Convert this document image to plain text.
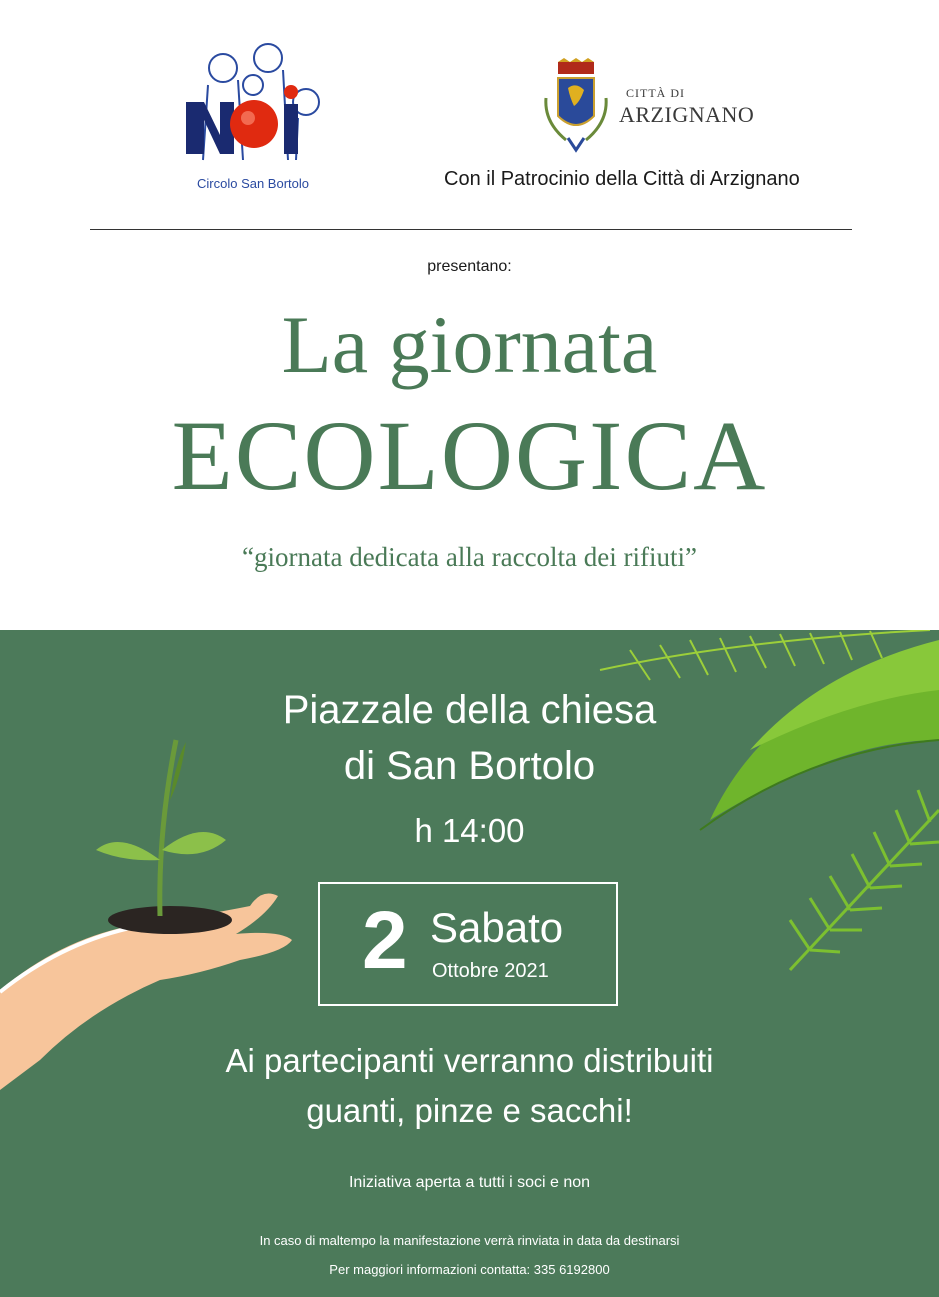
Circolo San Bortolo
CITTÀ DI
ARZIGNANO
Con il Patrocinio della Città di Arzignano
presentano:
La giornata
ECOLOGICA
“giornata dedicata alla raccolta dei rifiuti”
Piazzale della chiesa
di San Bortolo
h 14:00
2 Sabato
Ottobre 2021
Ai partecipanti verranno distribuiti
guanti, pinze e sacchi!
Iniziativa aperta a tutti i soci e non
In caso di maltempo la manifestazione verrà rinviata in data da destinarsi
Per maggiori informazioni contatta: 335 6192800
